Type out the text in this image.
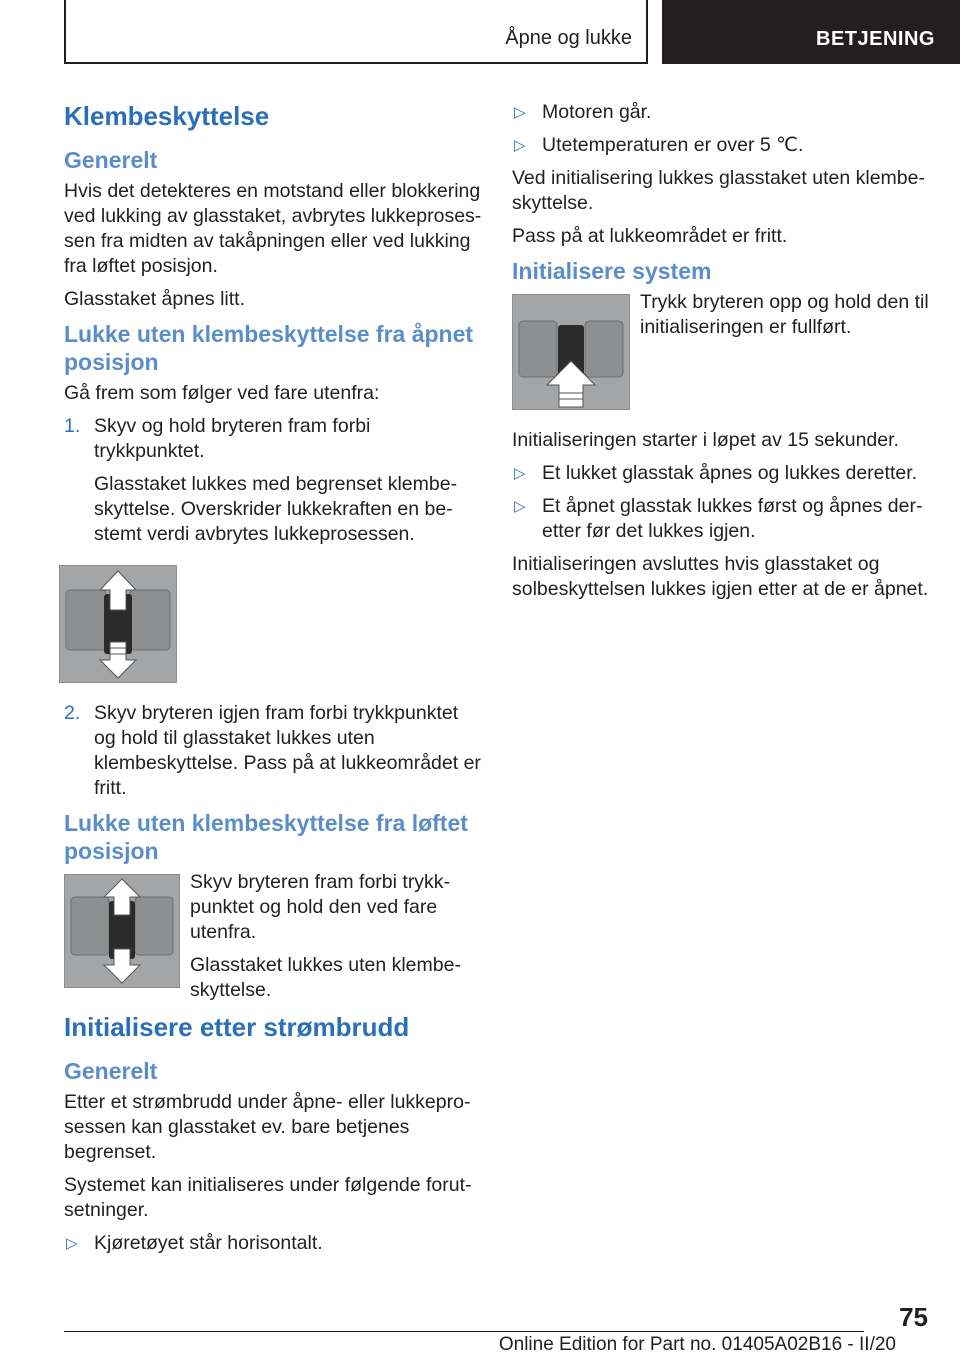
Åpne og lukke	BETJENING
Klembeskyttelse
Generelt

Hvis det detekteres en motstand eller blokkering ved lukking av glasstaket, avbrytes lukkeprosessen fra midten av takåpningen eller ved lukking fra løftet posisjon.

Glasstaket åpnes litt.

Lukke uten klembeskyttelse fra åpnet posisjon

Gå frem som følger ved fare utenfra:

1. Skyv og hold bryteren fram forbi trykkpunktet.

Glasstaket lukkes med begrenset klembeskyttelse. Overskrider lukkekraften en bestemt verdi avbrytes lukkeprosessen.

2. Skyv bryteren igjen fram forbi trykkpunktet og hold til glasstaket lukkes uten klembeskyttelse. Pass på at lukkeområdet er fritt.
Lukke uten klembeskyttelse fra løftet posisjon

Skyv bryteren fram forbi trykkpunktet og hold den ved fare utenfra.

Glasstaket lukkes uten klembeskyttelse.

Initialisere etter strømbrudd
Generelt

Etter et strømbrudd under åpne- eller lukkeprosessen kan glasstaket ev. bare betjenes begrenset.

Systemet kan initialiseres under følgende forutsetninger.

▷ Kjøretøyet står horisontalt.
▷ Motoren går.
▷ Utetemperaturen er over 5 ℃.

Ved initialisering lukkes glasstaket uten klembeskyttelse.

Pass på at lukkeområdet er fritt.

Initialisere system

Trykk bryteren opp og hold den til initialiseringen er fullført.

Initialiseringen starter i løpet av 15 sekunder.

▷ Et lukket glasstak åpnes og lukkes deretter.
▷ Et åpnet glasstak lukkes først og åpnes deretter før det lukkes igjen.

Initialiseringen avsluttes hvis glasstaket og solbeskyttelsen lukkes igjen etter at de er åpnet.

75
Online Edition for Part no. 01405A02B16 - II/20
